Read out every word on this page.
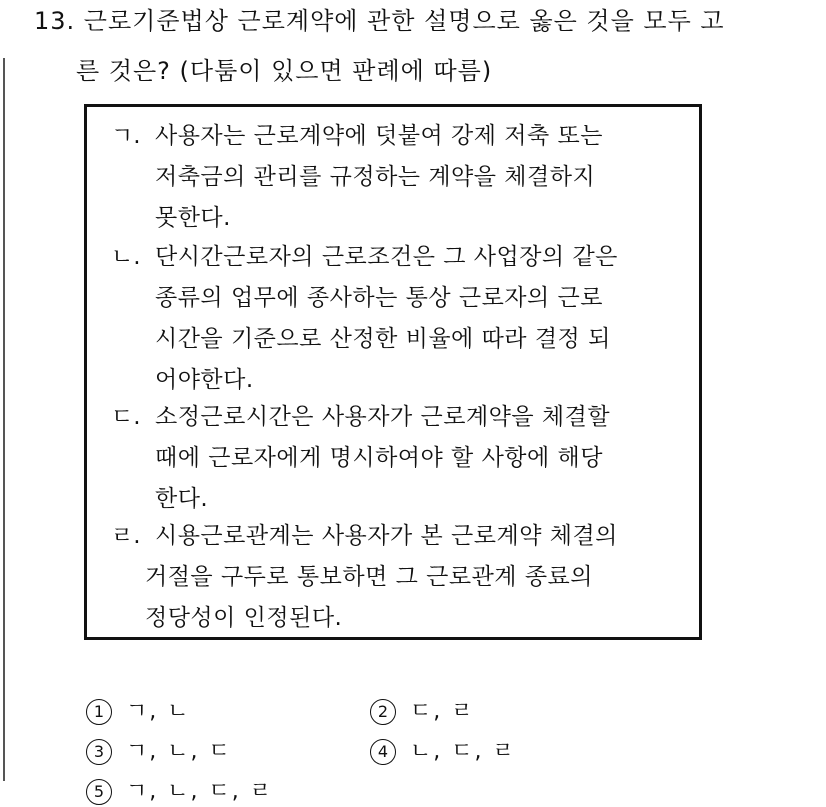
13. 근로기준법상 근로계약에 관한 설명으로 옳은 것을 모두 고
른 것은? (다툼이 있으면 판례에 따름)
ㄱ. 사용자는 근로계약에 덧붙여 강제 저축 또는
저축금의 관리를 규정하는 계약을 체결하지
못한다.
ㄴ. 단시간근로자의 근로조건은 그 사업장의 같은
종류의 업무에 종사하는 통상 근로자의 근로
시간을 기준으로 산정한 비율에 따라 결정 되
어야한다.
ㄷ. 소정근로시간은 사용자가 근로계약을 체결할
때에 근로자에게 명시하여야 할 사항에 해당
한다.
ㄹ. 시용근로관계는 사용자가 본 근로계약 체결의
거절을 구두로 통보하면 그 근로관계 종료의
정당성이 인정된다.

1 ㄱ, ㄴ	2 ㄷ, ㄹ

3 ㄱ, ㄴ, ㄷ	4 ㄴ, ㄷ, ㄹ

5 ㄱ, ㄴ, ㄷ, ㄹ
